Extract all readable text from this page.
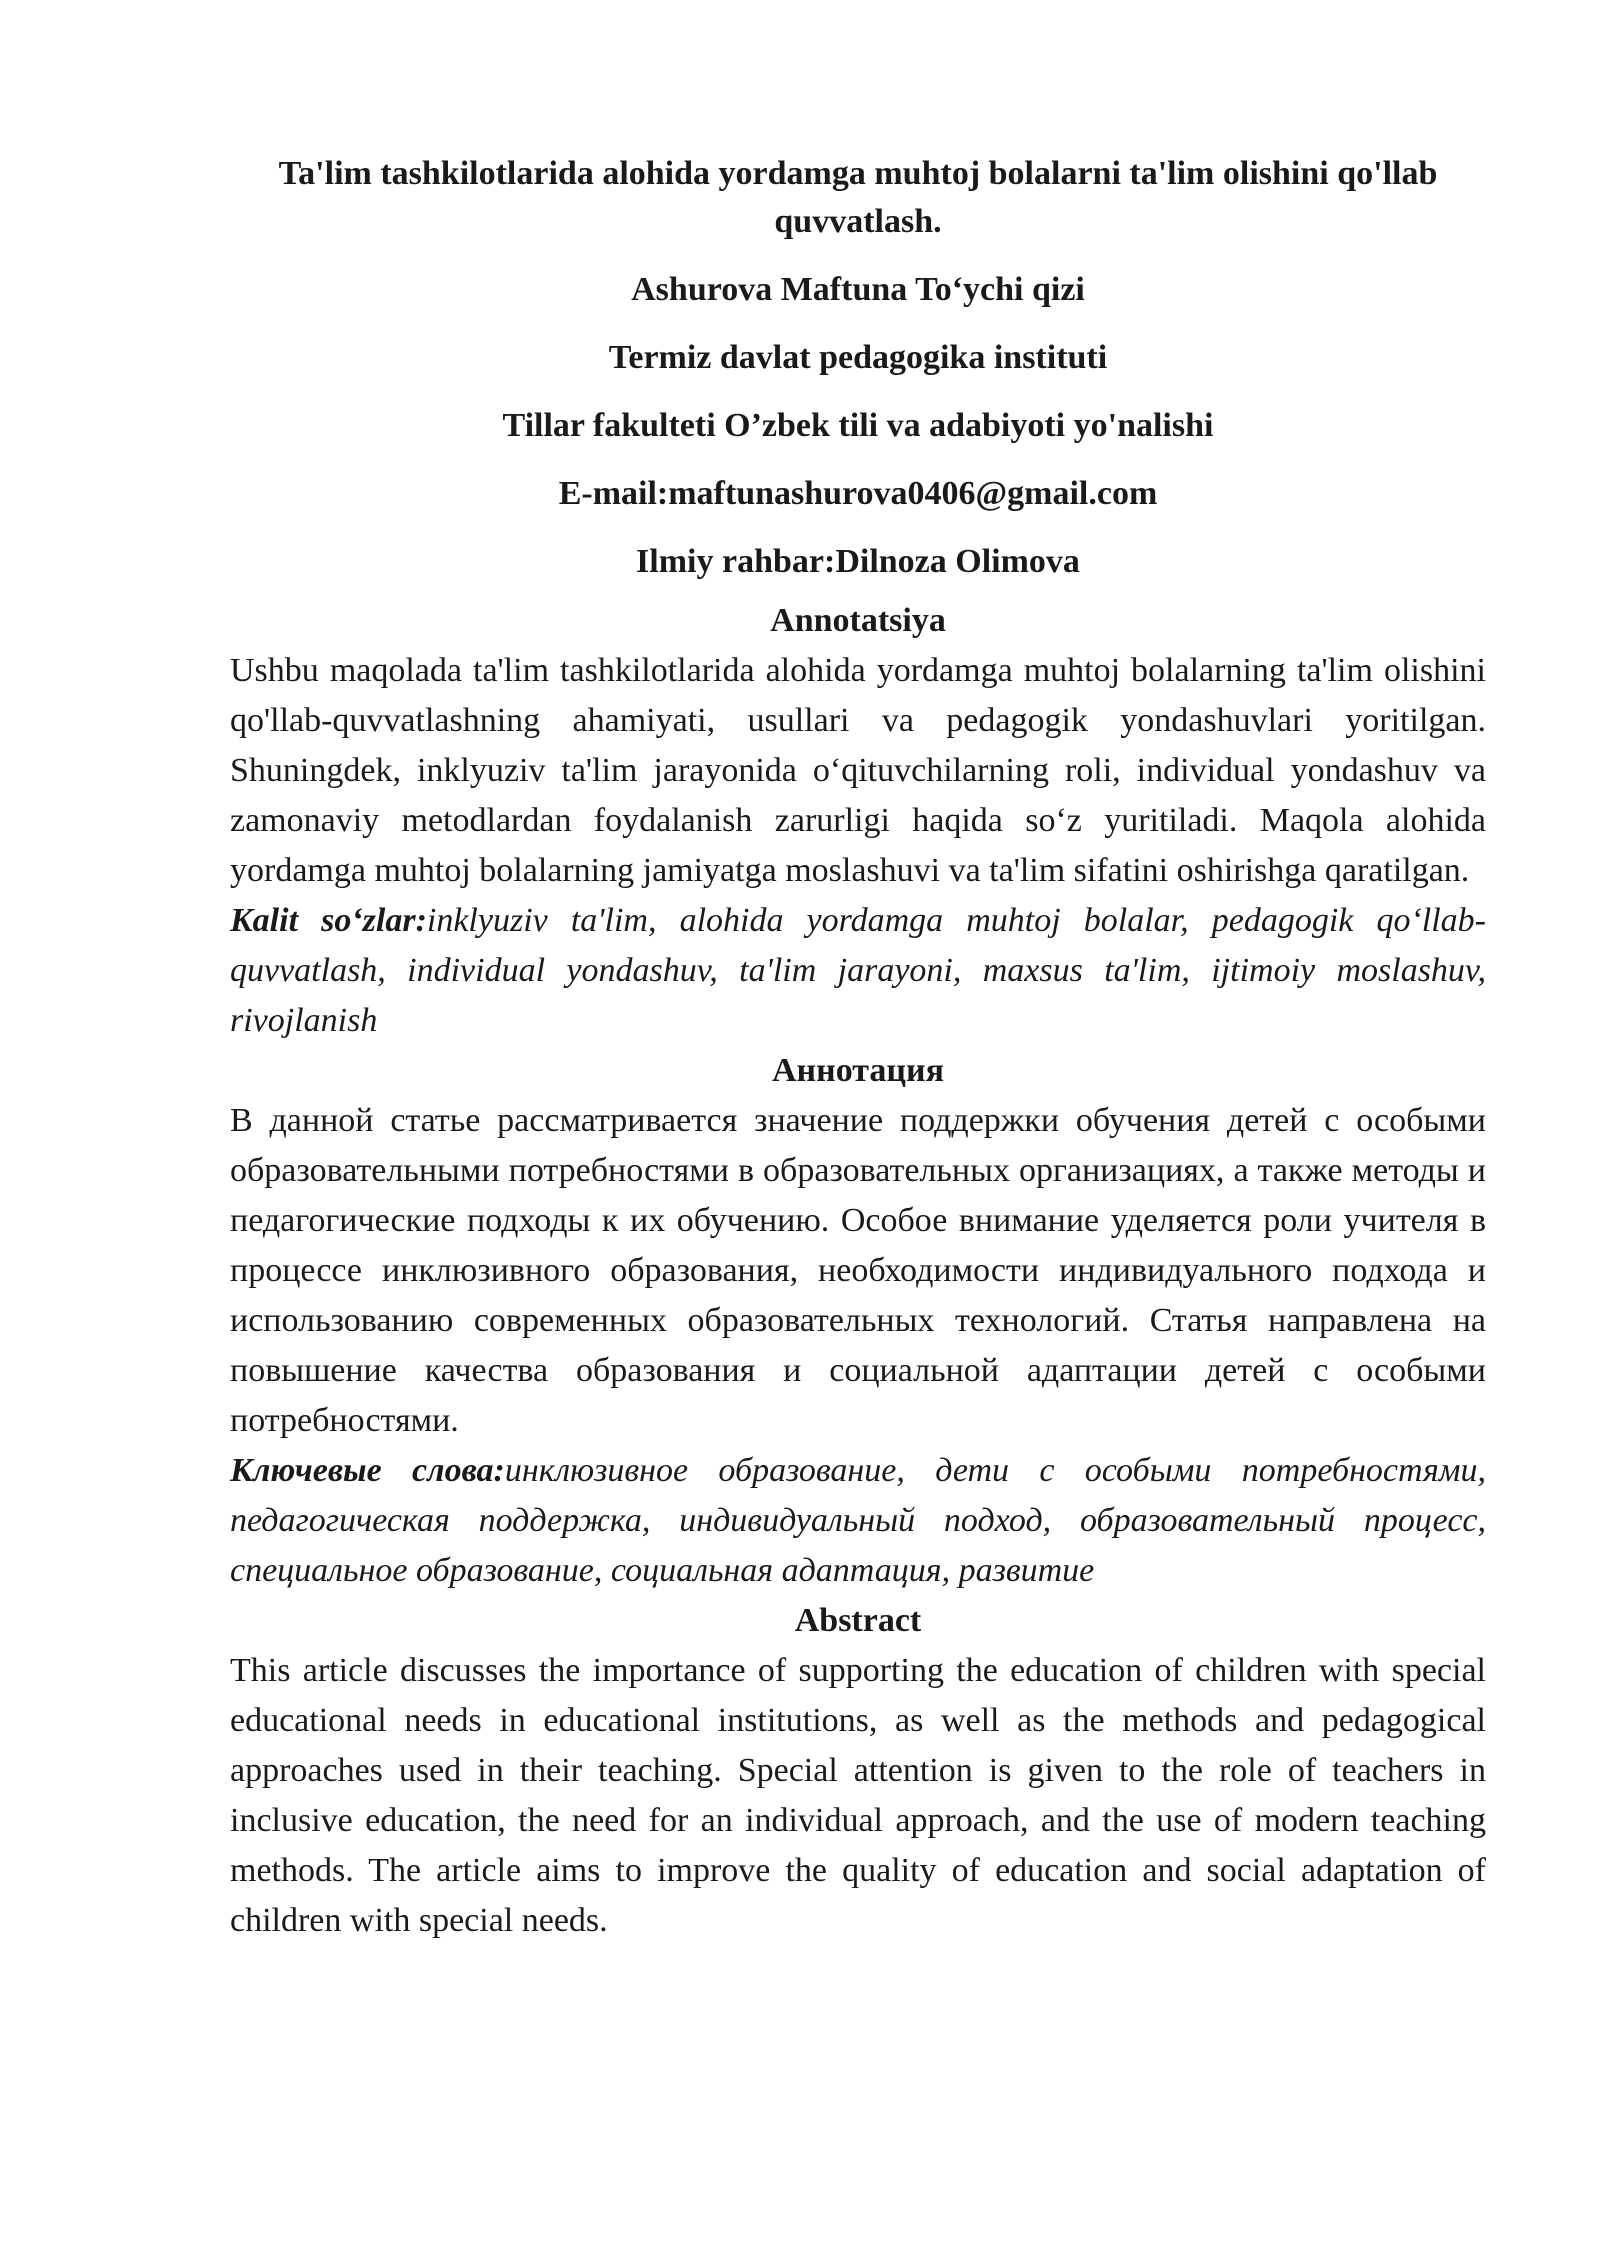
Ta'lim tashkilotlarida alohida yordamga muhtoj bolalarni ta'lim olishini qo'llab quvvatlash.

Ashurova Maftuna To‘ychi qizi

Termiz davlat pedagogika instituti

Tillar fakulteti O’zbek tili va adabiyoti yo'nalishi

E-mail:maftunashurova0406@gmail.com

Ilmiy rahbar:Dilnoza Olimova

Annotatsiya

Ushbu maqolada ta'lim tashkilotlarida alohida yordamga muhtoj bolalarning ta'lim olishini qo'llab-quvvatlashning ahamiyati, usullari va pedagogik yondashuvlari yoritilgan. Shuningdek, inklyuziv ta'lim jarayonida o‘qituvchilarning roli, individual yondashuv va zamonaviy metodlardan foydalanish zarurligi haqida so‘z yuritiladi. Maqola alohida yordamga muhtoj bolalarning jamiyatga moslashuvi va ta'lim sifatini oshirishga qaratilgan.

Kalit so‘zlar:inklyuziv ta'lim, alohida yordamga muhtoj bolalar, pedagogik qo‘llab-quvvatlash, individual yondashuv, ta'lim jarayoni, maxsus ta'lim, ijtimoiy moslashuv, rivojlanish

Аннотация

В данной статье рассматривается значение поддержки обучения детей с особыми образовательными потребностями в образовательных организациях, а также методы и педагогические подходы к их обучению. Особое внимание уделяется роли учителя в процессе инклюзивного образования, необходимости индивидуального подхода и использованию современных образовательных технологий. Статья направлена на повышение качества образования и социальной адаптации детей с особыми потребностями.

Ключевые слова:инклюзивное образование, дети с особыми потребностями, педагогическая поддержка, индивидуальный подход, образовательный процесс, специальное образование, социальная адаптация, развитие

Abstract

This article discusses the importance of supporting the education of children with special educational needs in educational institutions, as well as the methods and pedagogical approaches used in their teaching. Special attention is given to the role of teachers in inclusive education, the need for an individual approach, and the use of modern teaching methods. The article aims to improve the quality of education and social adaptation of children with special needs.
